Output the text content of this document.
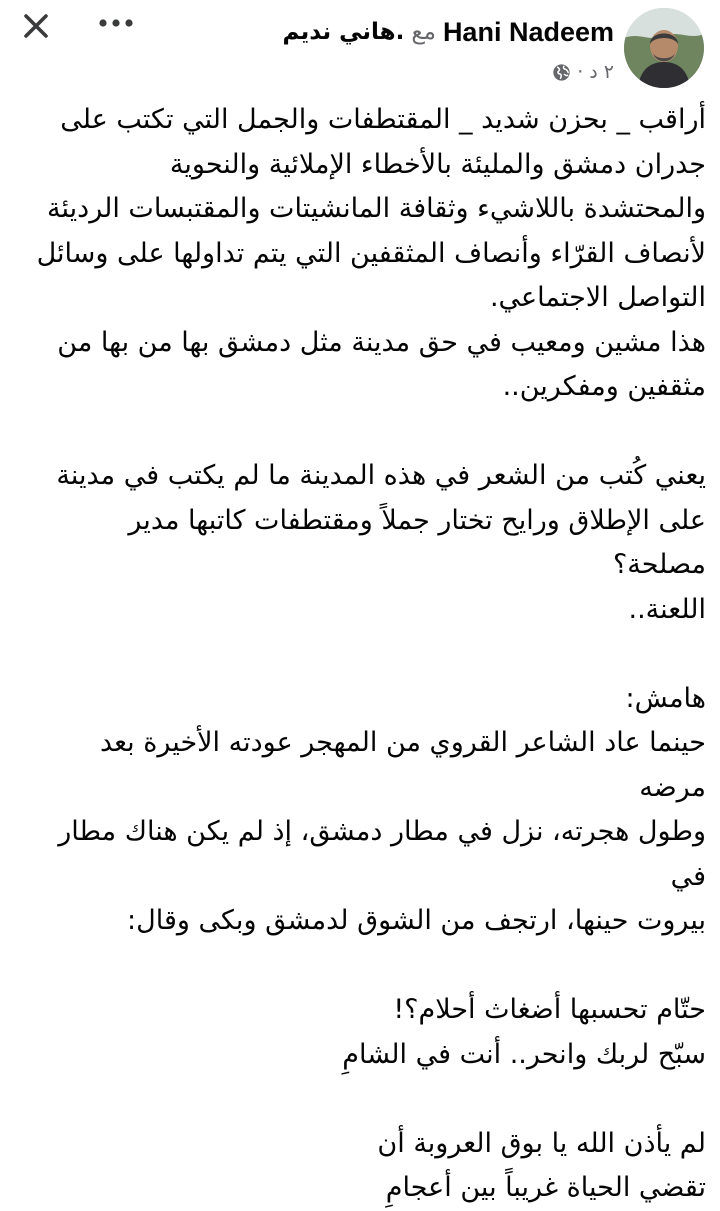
Hani Nadeem
مع
هاني نديم.
٢ د
·

أراقب _ بحزن شديد _ المقتطفات والجمل التي تكتب على

جدران دمشق والمليئة بالأخطاء الإملائية والنحوية

والمحتشدة باللاشيء وثقافة المانشيتات والمقتبسات الرديئة

لأنصاف القرّاء وأنصاف المثقفين التي يتم تداولها على وسائل

التواصل الاجتماعي.

هذا مشين ومعيب في حق مدينة مثل دمشق بها من بها من

مثقفين ومفكرين..

يعني كُتب من الشعر في هذه المدينة ما لم يكتب في مدينة

على الإطلاق ورايح تختار جملاً ومقتطفات كاتبها مدير

مصلحة؟

اللعنة..

هامش:

حينما عاد الشاعر القروي من المهجر عودته الأخيرة بعد مرضه

وطول هجرته، نزل في مطار دمشق، إذ لم يكن هناك مطار في

بيروت حينها، ارتجف من الشوق لدمشق وبكى وقال:

حتّام تحسبها أضغاث أحلام؟!

سبّح لربك وانحر.. أنت في الشامِ

لم يأذن الله يا بوق العروبة أن

تقضي الحياة غريباً بين أعجامِ
